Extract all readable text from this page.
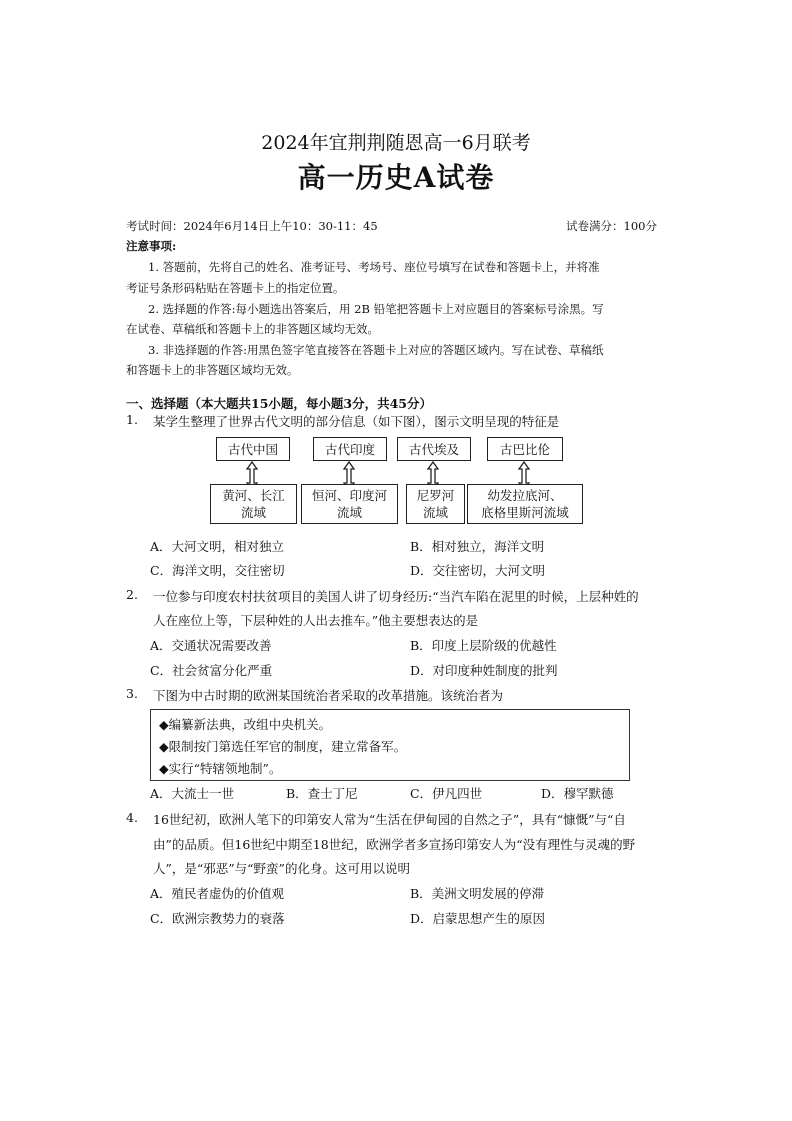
2024年宜荆荆随恩高一6月联考
高一历史A试卷
考试时间：2024年6月14日上午10：30-11：45	试卷满分：100分
注意事项:
1. 答题前，先将自己的姓名、准考证号、考场号、座位号填写在试卷和答题卡上，并将准
考证号条形码粘贴在答题卡上的指定位置。
2. 选择题的作答:每小题选出答案后，用 2B 铅笔把答题卡上对应题目的答案标号涂黑。写
在试卷、草稿纸和答题卡上的非答题区域均无效。
3. 非选择题的作答:用黑色签字笔直接答在答题卡上对应的答题区域内。写在试卷、草稿纸
和答题卡上的非答题区域均无效。
一、选择题（本大题共15小题，每小题3分，共45分）
1. 某学生整理了世界古代文明的部分信息（如下图），图示文明呈现的特征是
古代中国	古代印度	古代埃及	古巴比伦
黄河、长江
流域
恒河、印度河
流域
尼罗河
流域
幼发拉底河、
底格里斯河流域
A．大河文明，相对独立	B．相对独立，海洋文明
C．海洋文明，交往密切	D．交往密切，大河文明
2. 一位参与印度农村扶贫项目的美国人讲了切身经历:“当汽车陷在泥里的时候，上层种姓的
人在座位上等，下层种姓的人出去推车。”他主要想表达的是
A．交通状况需要改善	B．印度上层阶级的优越性
C．社会贫富分化严重	D．对印度种姓制度的批判
3. 下图为中古时期的欧洲某国统治者采取的改革措施。该统治者为
◆编纂新法典，改组中央机关。
◆限制按门第选任军官的制度，建立常备军。
◆实行“特辖领地制”。
A．大流士一世	B．查士丁尼	C．伊凡四世	D．穆罕默德
4. 16世纪初，欧洲人笔下的印第安人常为“生活在伊甸园的自然之子”，具有“慷慨”与“自
由”的品质。但16世纪中期至18世纪，欧洲学者多宣扬印第安人为“没有理性与灵魂的野
人”，是“邪恶”与“野蛮”的化身。这可用以说明
A．殖民者虚伪的价值观	B．美洲文明发展的停滞
C．欧洲宗教势力的衰落	D．启蒙思想产生的原因
